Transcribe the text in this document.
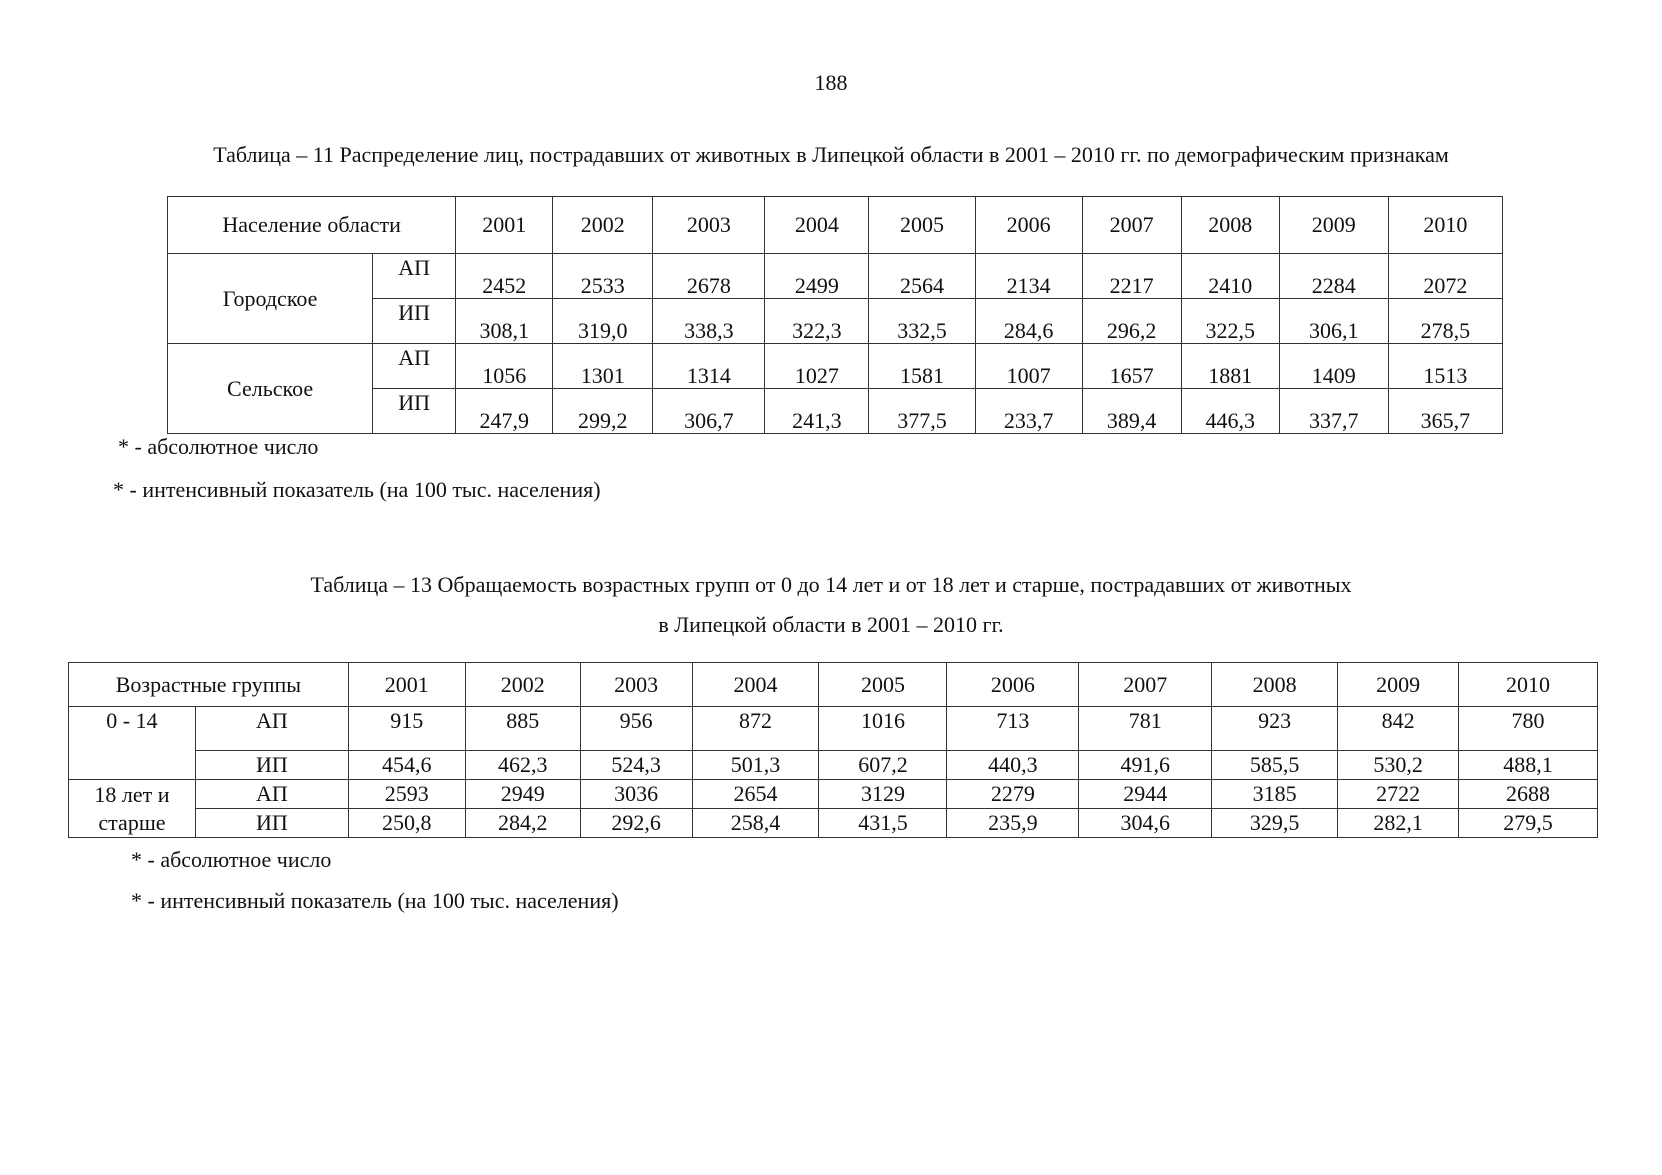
188
Таблица – 11 Распределение лиц, пострадавших от животных в Липецкой области в 2001 – 2010 гг. по демографическим признакам
Население области		2001	2002	2003	2004	2005	2006	2007	2008	2009	2010
Городское	АП	2452	2533	2678	2499	2564	2134	2217	2410	2284	2072
	ИП	308,1	319,0	338,3	322,3	332,5	284,6	296,2	322,5	306,1	278,5
Сельское	АП	1056	1301	1314	1027	1581	1007	1657	1881	1409	1513
	ИП	247,9	299,2	306,7	241,3	377,5	233,7	389,4	446,3	337,7	365,7
* - абсолютное число
* - интенсивный показатель (на 100 тыс. населения)
Таблица – 13 Обращаемость возрастных групп от 0 до 14 лет и от 18 лет и старше, пострадавших от животных
в Липецкой области в 2001 – 2010 гг.
Возрастные группы		2001	2002	2003	2004	2005	2006	2007	2008	2009	2010
0 - 14	АП	915	885	956	872	1016	713	781	923	842	780
	ИП	454,6	462,3	524,3	501,3	607,2	440,3	491,6	585,5	530,2	488,1

18 лет и
старше	АП	2593	2949	3036	2654	3129	2279	2944	3185	2722	2688
	ИП	250,8	284,2	292,6	258,4	431,5	235,9	304,6	329,5	282,1	279,5
* - абсолютное число
* - интенсивный показатель (на 100 тыс. населения)
